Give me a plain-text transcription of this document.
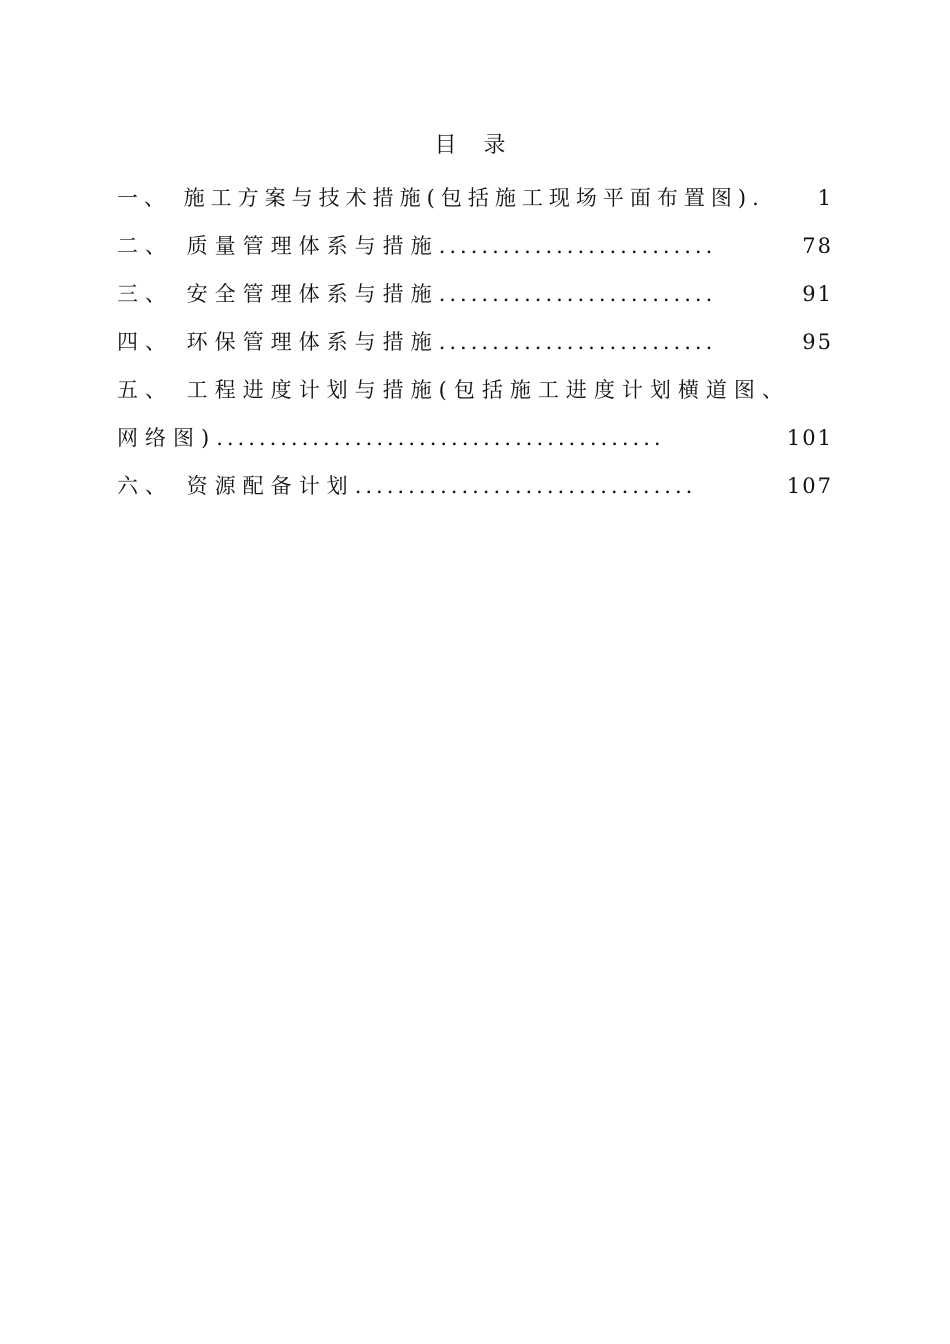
目 录
一、 施工方案与技术措施(包括施工现场平面布置图) .	1
二、 质量管理体系与措施 ..........................	78
三、 安全管理体系与措施 ..........................	91
四、 环保管理体系与措施 ..........................	95
五、 工程进度计划与措施(包括施工进度计划横道图、
网络图) ..........................................	101
六、 资源配备计划 ................................	107
